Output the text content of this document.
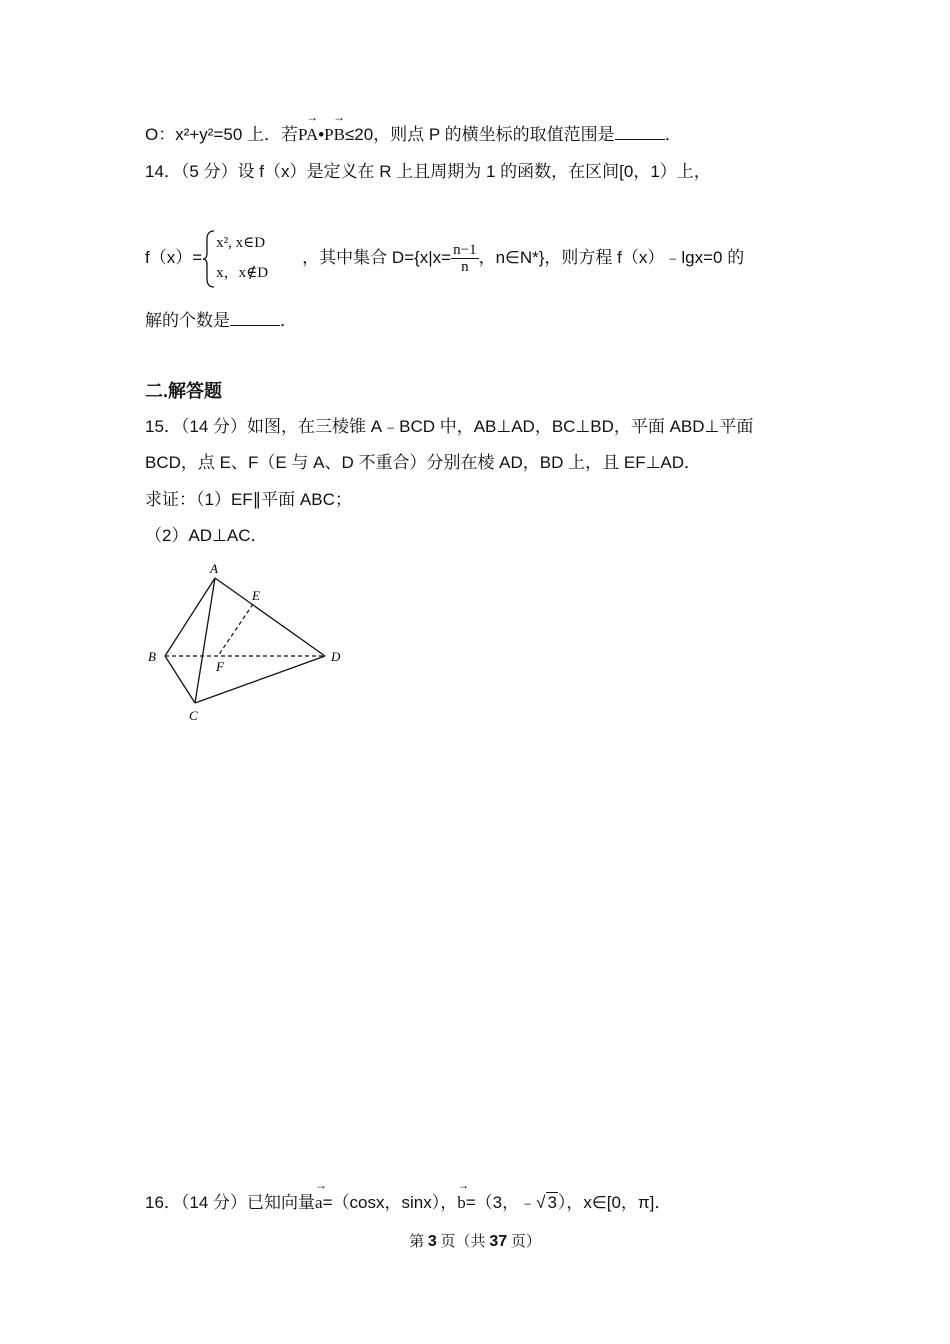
O：x²+y²=50 上．若→ PA•→ PB≤20，则点 P 的横坐标的取值范围是	．
14．（5 分）设 f（x）是定义在 R 上且周期为 1 的函数，在区间[0，1）上，
f（x）=
x², x∈D
x，x∉D
，其中集合 $D=\{x|x= \frac{n-1}{n}$ ，n∈N*}，则方程 f（x）﹣lgx=0 的
解的个数是	．
二.解答题
15．（14 分）如图，在三棱锥 A﹣BCD 中，AB⊥AD，BC⊥BD，平面 ABD⊥平面
BCD，点 E、F（E 与 A、D 不重合）分别在棱 AD，BD 上，且 EF⊥AD．
求证：（1）EF∥平面 ABC；
（2）AD⊥AC．
A
B
C
D
E
F
16．（14 分）已知向量→ a=（cosx，sinx），→ b=（3，﹣√ 3），x∈[0，π]．
第 3 页（共 37 页）
